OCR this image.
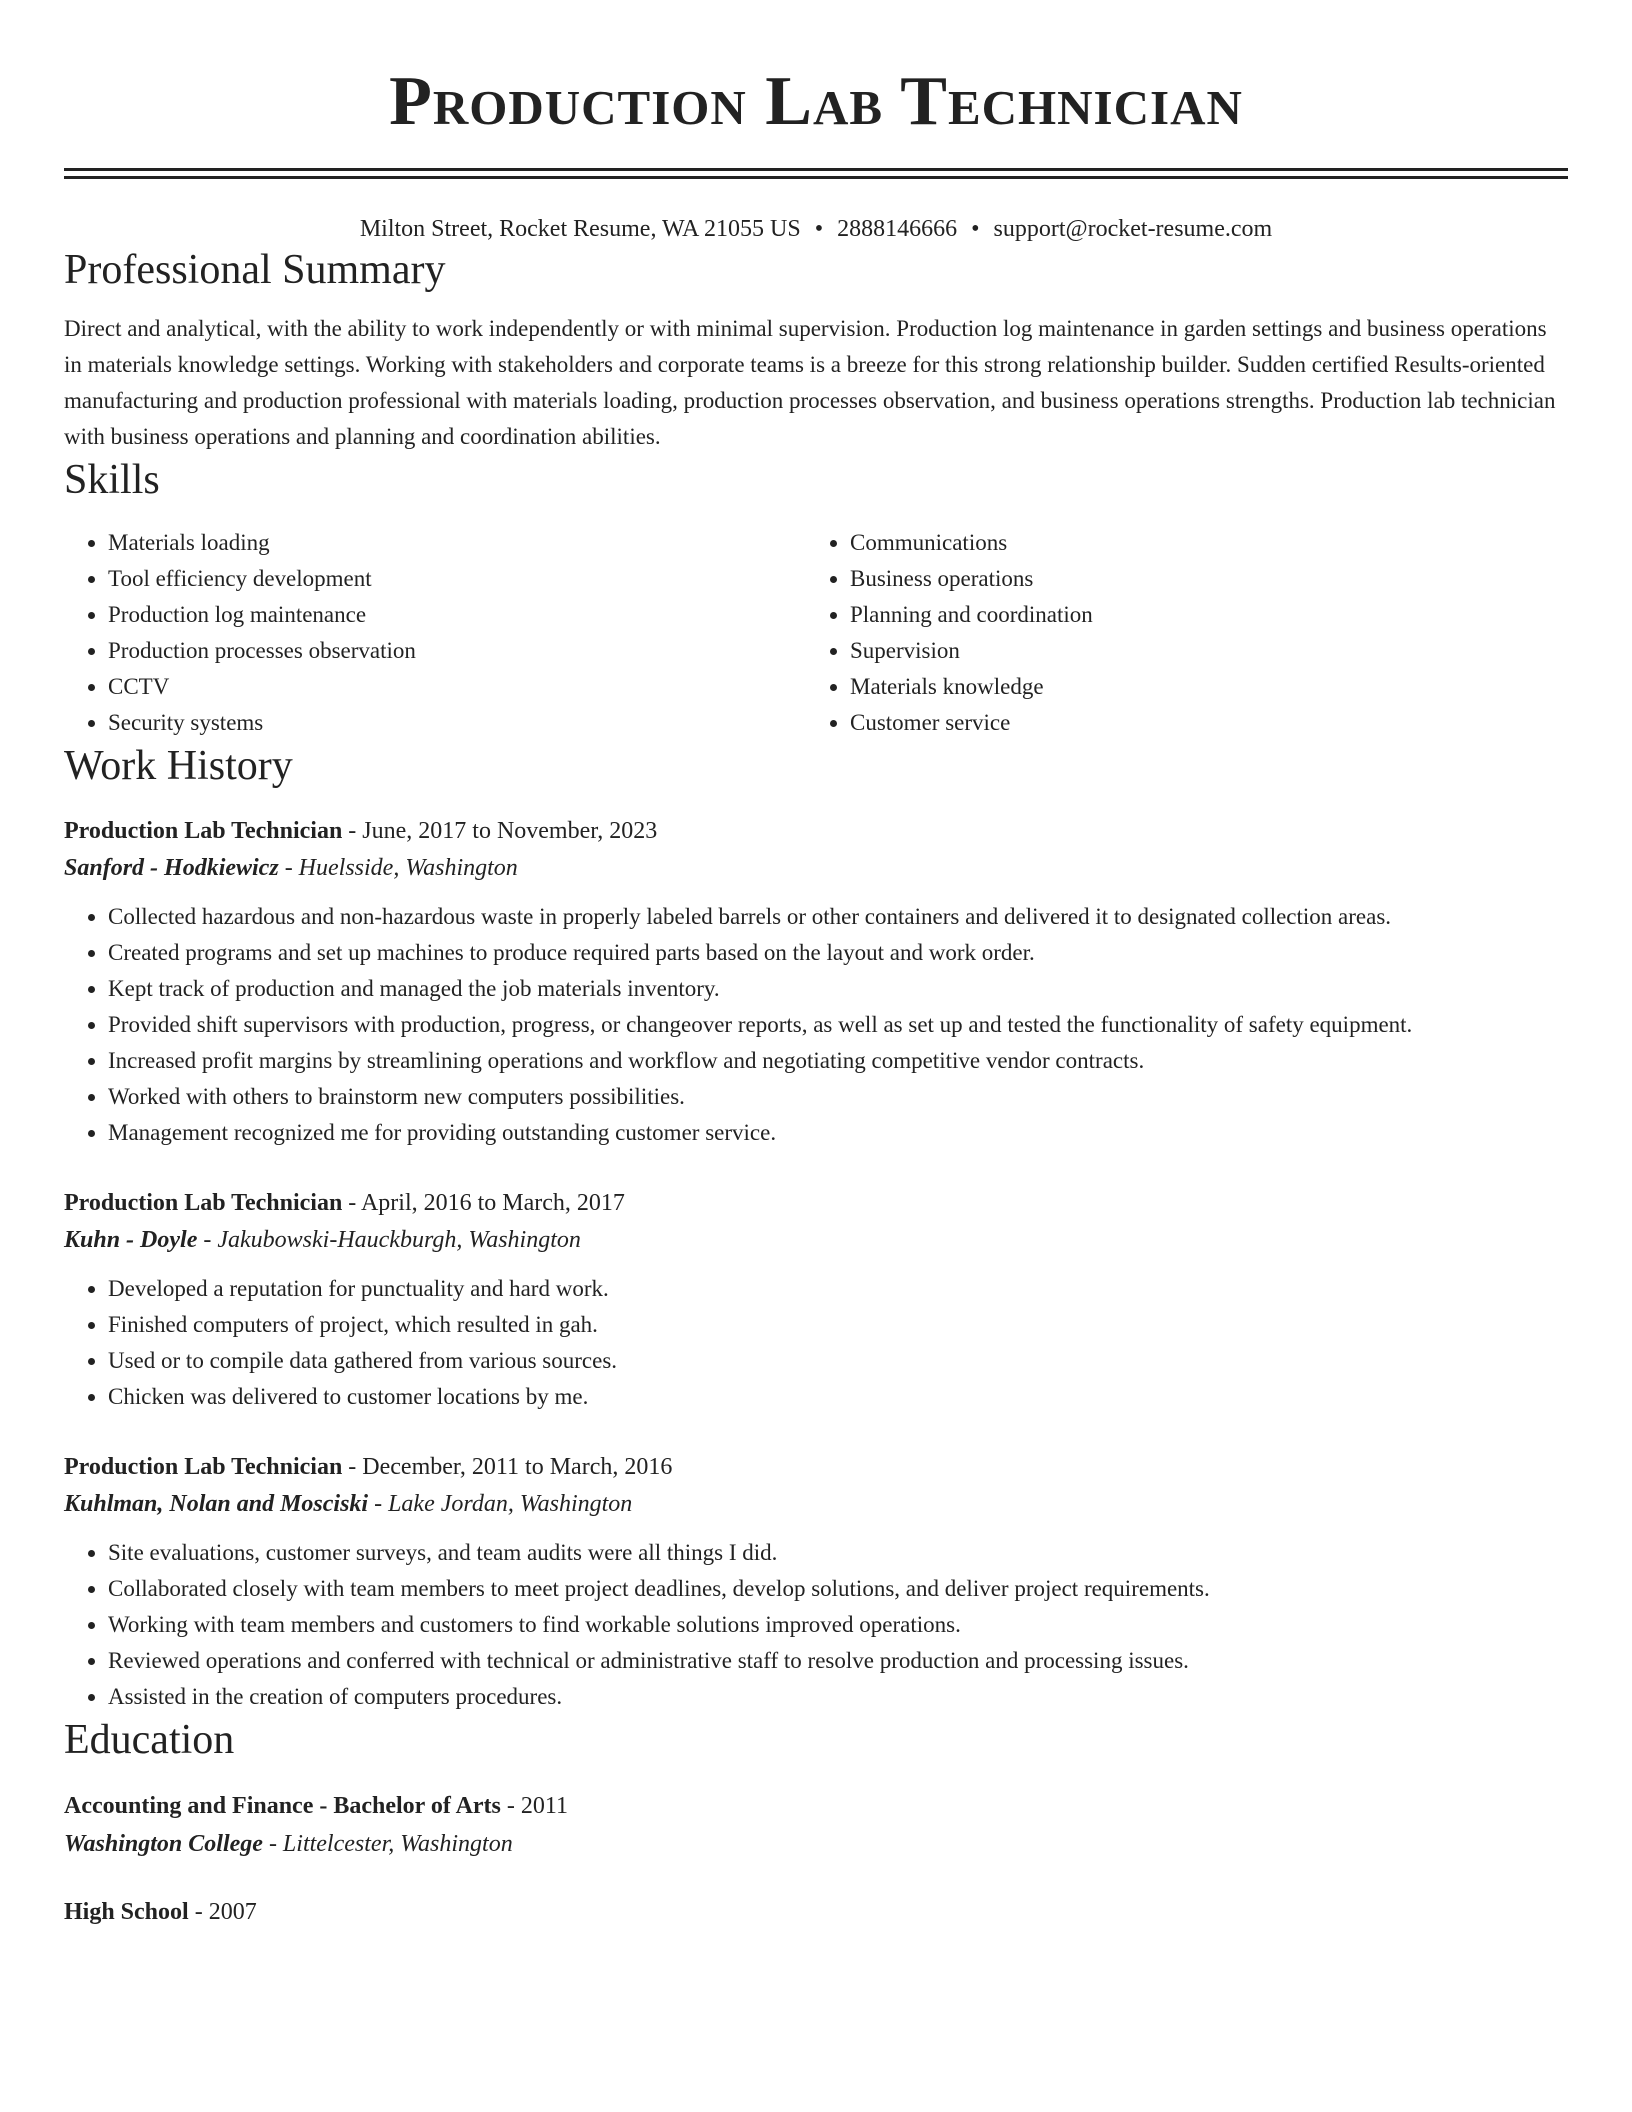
Production Lab Technician
Milton Street, Rocket Resume, WA 21055 US • 2888146666 • support@rocket-resume.com
Professional Summary

Direct and analytical, with the ability to work independently or with minimal supervision. Production log maintenance in garden settings and business operations in materials knowledge settings. Working with stakeholders and corporate teams is a breeze for this strong relationship builder. Sudden certified Results-oriented manufacturing and production professional with materials loading, production processes observation, and business operations strengths. Production lab technician with business operations and planning and coordination abilities.

Skills
• Materials loading
• Tool efficiency development
• Production log maintenance
• Production processes observation
• CCTV
• Security systems
• Communications
• Business operations
• Planning and coordination
• Supervision
• Materials knowledge
• Customer service
Work History
Production Lab Technician - June, 2017 to November, 2023
Sanford - Hodkiewicz - Huelsside, Washington
• Collected hazardous and non-hazardous waste in properly labeled barrels or other containers and delivered it to designated collection areas.
• Created programs and set up machines to produce required parts based on the layout and work order.
• Kept track of production and managed the job materials inventory.
• Provided shift supervisors with production, progress, or changeover reports, as well as set up and tested the functionality of safety equipment.
• Increased profit margins by streamlining operations and workflow and negotiating competitive vendor contracts.
• Worked with others to brainstorm new computers possibilities.
• Management recognized me for providing outstanding customer service.
Production Lab Technician - April, 2016 to March, 2017
Kuhn - Doyle - Jakubowski-Hauckburgh, Washington
• Developed a reputation for punctuality and hard work.
• Finished computers of project, which resulted in gah.
• Used or to compile data gathered from various sources.
• Chicken was delivered to customer locations by me.
Production Lab Technician - December, 2011 to March, 2016
Kuhlman, Nolan and Mosciski - Lake Jordan, Washington
• Site evaluations, customer surveys, and team audits were all things I did.
• Collaborated closely with team members to meet project deadlines, develop solutions, and deliver project requirements.
• Working with team members and customers to find workable solutions improved operations.
• Reviewed operations and conferred with technical or administrative staff to resolve production and processing issues.
• Assisted in the creation of computers procedures.
Education
Accounting and Finance - Bachelor of Arts - 2011
Washington College - Littelcester, Washington
High School - 2007
